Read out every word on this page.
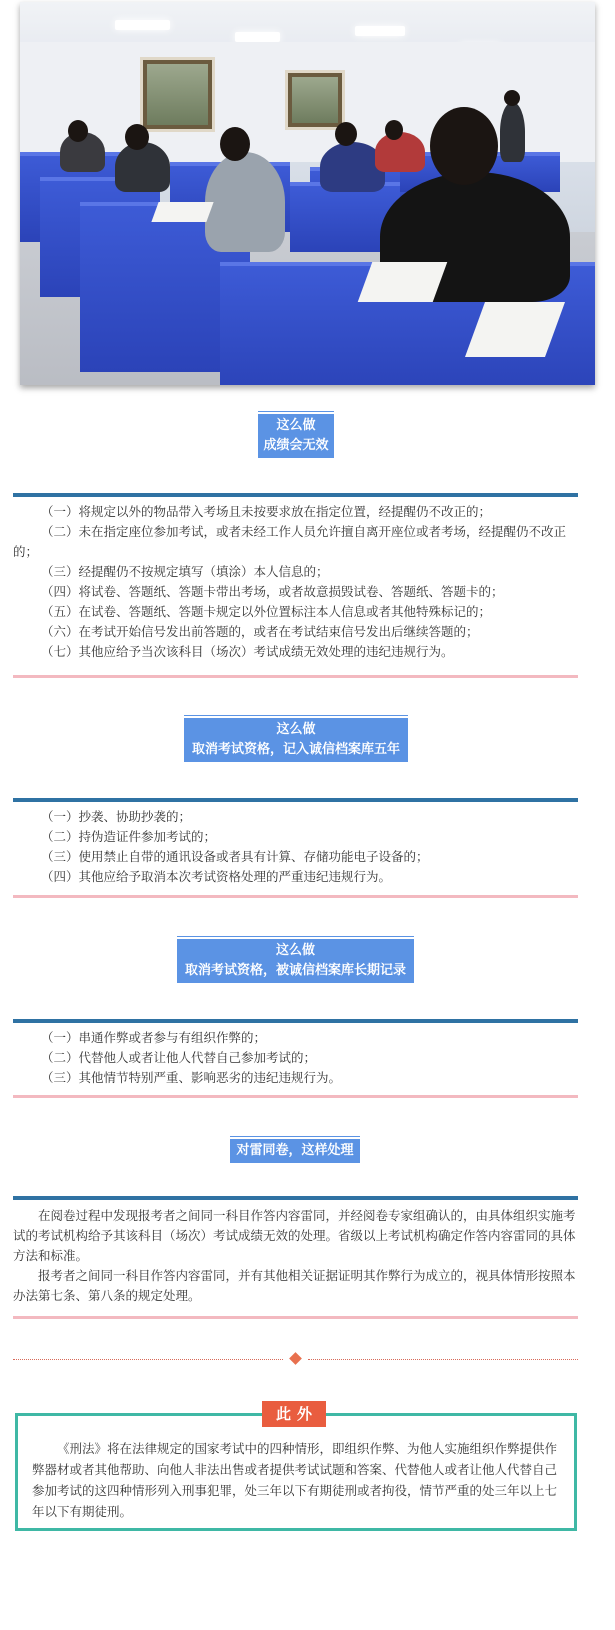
这么做
成绩会无效

（一）将规定以外的物品带入考场且未按要求放在指定位置，经提醒仍不改正的；

（二）未在指定座位参加考试，或者未经工作人员允许擅自离开座位或者考场，经提醒仍不改正的；

（三）经提醒仍不按规定填写（填涂）本人信息的；

（四）将试卷、答题纸、答题卡带出考场，或者故意损毁试卷、答题纸、答题卡的；

（五）在试卷、答题纸、答题卡规定以外位置标注本人信息或者其他特殊标记的；

（六）在考试开始信号发出前答题的，或者在考试结束信号发出后继续答题的；

（七）其他应给予当次该科目（场次）考试成绩无效处理的违纪违规行为。

这么做
取消考试资格，记入诚信档案库五年

（一）抄袭、协助抄袭的；

（二）持伪造证件参加考试的；

（三）使用禁止自带的通讯设备或者具有计算、存储功能电子设备的；

（四）其他应给予取消本次考试资格处理的严重违纪违规行为。

这么做
取消考试资格，被诚信档案库长期记录

（一）串通作弊或者参与有组织作弊的；

（二）代替他人或者让他人代替自己参加考试的；

（三）其他情节特别严重、影响恶劣的违纪违规行为。

对雷同卷，这样处理

在阅卷过程中发现报考者之间同一科目作答内容雷同，并经阅卷专家组确认的，由具体组织实施考试的考试机构给予其该科目（场次）考试成绩无效的处理。省级以上考试机构确定作答内容雷同的具体方法和标准。

报考者之间同一科目作答内容雷同，并有其他相关证据证明其作弊行为成立的，视具体情形按照本办法第七条、第八条的规定处理。

此外
《刑法》将在法律规定的国家考试中的四种情形，即组织作弊、为他人实施组织作弊提供作弊器材或者其他帮助、向他人非法出售或者提供考试试题和答案、代替他人或者让他人代替自己参加考试的这四种情形列入刑事犯罪，处三年以下有期徒刑或者拘役，情节严重的处三年以上七年以下有期徒刑。
